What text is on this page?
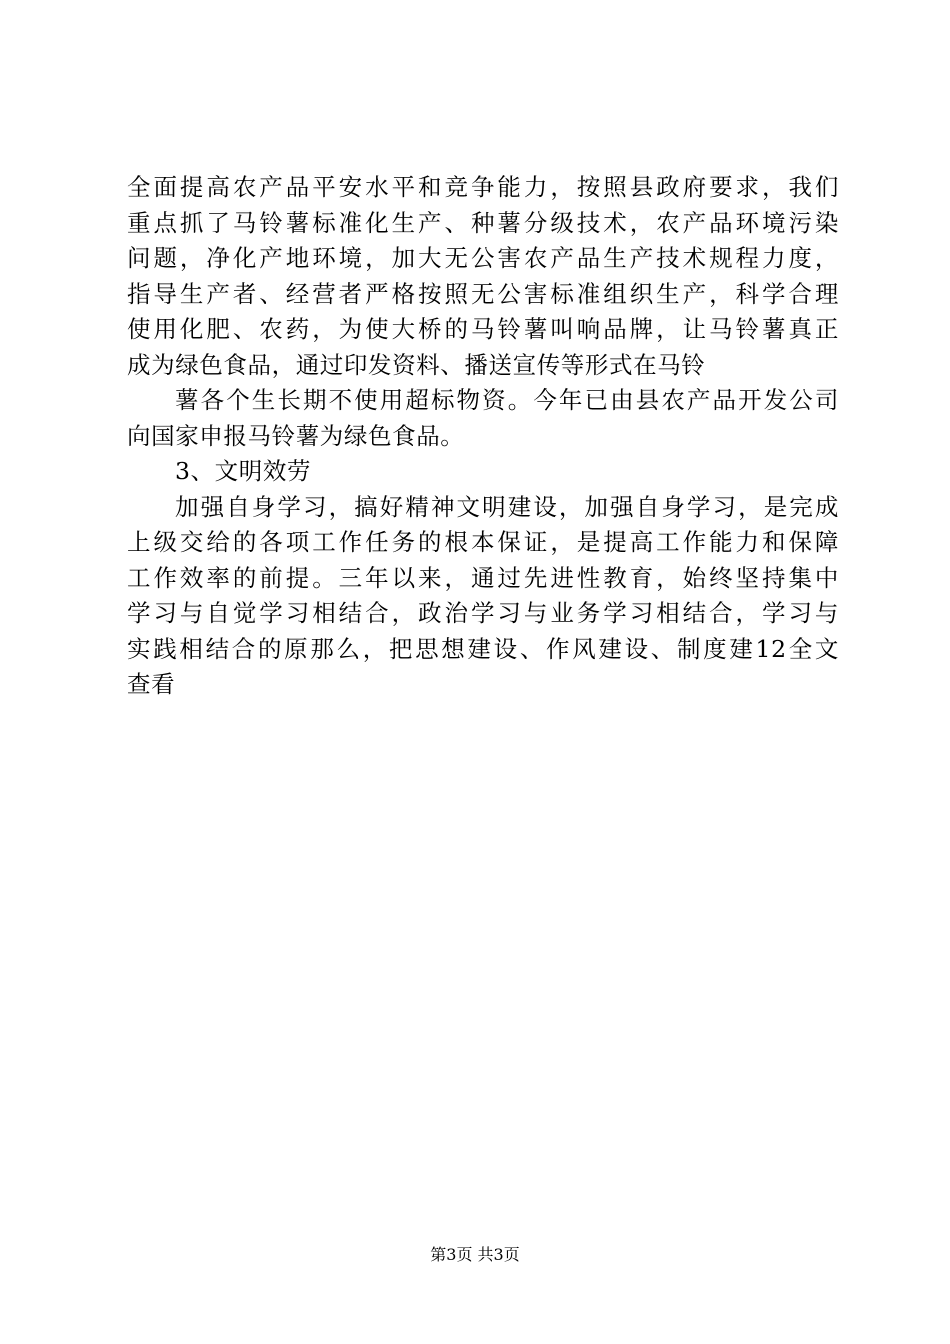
全面提高农产品平安水平和竞争能力，按照县政府要求，我们
重点抓了马铃薯标准化生产、种薯分级技术，农产品环境污染
问题，净化产地环境，加大无公害农产品生产技术规程力度，
指导生产者、经营者严格按照无公害标准组织生产，科学合理
使用化肥、农药，为使大桥的马铃薯叫响品牌，让马铃薯真正
成为绿色食品，通过印发资料、播送宣传等形式在马铃
薯各个生长期不使用超标物资。今年已由县农产品开发公司
向国家申报马铃薯为绿色食品。
3、文明效劳
加强自身学习，搞好精神文明建设，加强自身学习，是完成
上级交给的各项工作任务的根本保证，是提高工作能力和保障
工作效率的前提。三年以来，通过先进性教育，始终坚持集中
学习与自觉学习相结合，政治学习与业务学习相结合，学习与
实践相结合的原那么，把思想建设、作风建设、制度建12全文
查看
第3页 共3页
